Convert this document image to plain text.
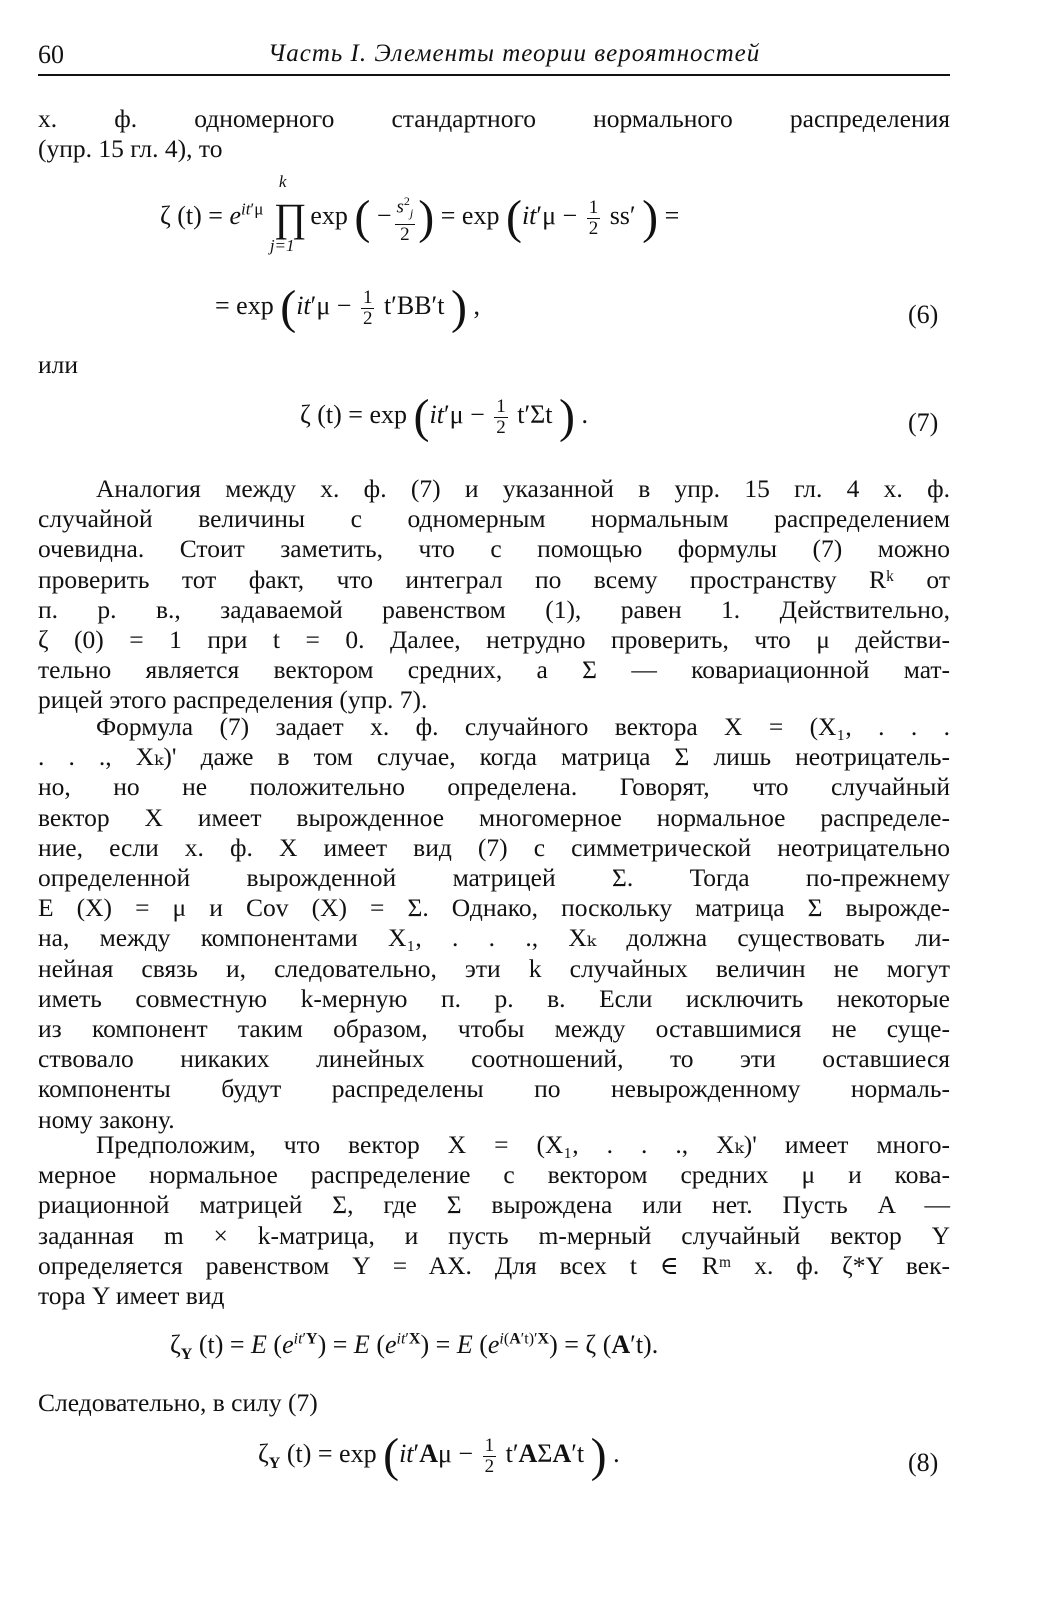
60	Часть I. Элементы теории вероятностей
х. ф. одномерного стандартного нормального распределения
(упр. 15 гл. 4), то
ζ $(t) = e^{it'\mu}$
k
∏
j=1
exp ( − $\frac{s^2_j}{2}$ ) = $\exp (it'\mu - \frac{1}{2} ss'$ ) =
= $\exp (it'\mu - \frac{1}{2} t'BB't$ ) ,	(6)
или
ζ $(t) = \exp (it'\mu - \frac{1}{2} t'\Sigma t$ ) .	(7)
Аналогия между х. ф. (7) и указанной в упр. 15 гл. 4 х. ф.
случайной величины с одномерным нормальным распределением
очевидна. Стоит заметить, что с помощью формулы (7) можно
проверить тот факт, что интеграл по всему пространству Rᵏ от
п. р. в., задаваемой равенством (1), равен 1. Действительно,
ζ (0) = 1 при t = 0. Далее, нетрудно проверить, что μ действи-
тельно является вектором средних, а Σ — ковариационной мат-
рицей этого распределения (упр. 7).
Формула (7) задает х. ф. случайного вектора X = (X₁, . . .
. . ., Xₖ)' даже в том случае, когда матрица Σ лишь неотрицатель-
но, но не положительно определена. Говорят, что случайный
вектор X имеет вырожденное многомерное нормальное распределе-
ние, если х. ф. X имеет вид (7) с симметрической неотрицательно
определенной вырожденной матрицей Σ. Тогда по-прежнему
E (X) = μ и Cov (X) = Σ. Однако, поскольку матрица Σ вырожде-
на, между компонентами X₁, . . ., Xₖ должна существовать ли-
нейная связь и, следовательно, эти k случайных величин не могут
иметь совместную k-мерную п. р. в. Если исключить некоторые
из компонент таким образом, чтобы между оставшимися не суще-
ствовало никаких линейных соотношений, то эти оставшиеся
компоненты будут распределены по невырожденному нормаль-
ному закону.
Предположим, что вектор X = (X₁, . . ., Xₖ)' имеет много-
мерное нормальное распределение с вектором средних μ и кова-
риационной матрицей Σ, где Σ вырождена или нет. Пусть A —
заданная m × k-матрица, и пусть m-мерный случайный вектор Y
определяется равенством Y = AX. Для всех t ∈ Rᵐ х. ф. ζ*Y век-
тора Y имеет вид
$\zeta_Y$ (t) = E $(e^{it'Y}) = E$ $(e^{it'X}) = E$ $(e^{i(A't)'X}) = \zeta$ (A′t).
Следовательно, в силу (7)
$\zeta_Y$ $(t) = \exp (it'A\mu - \frac{1}{2} t'A\Sigma A't$ ) .	(8)
